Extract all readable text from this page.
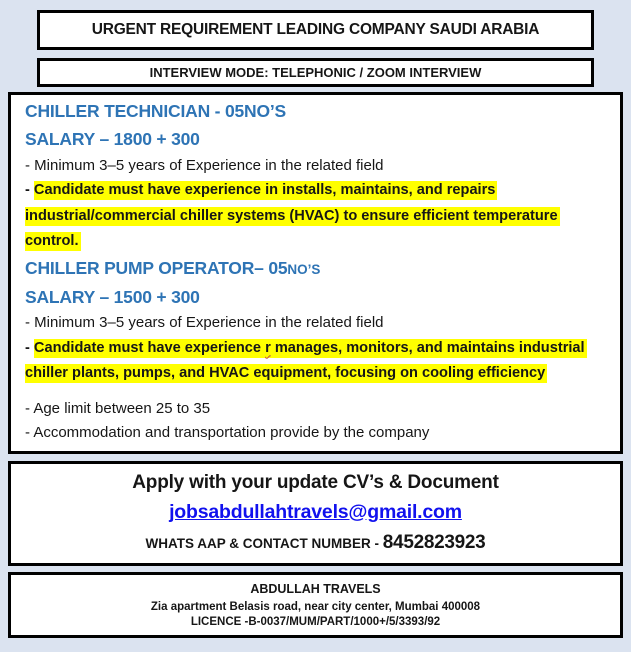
URGENT REQUIREMENT LEADING COMPANY SAUDI ARABIA
INTERVIEW MODE: TELEPHONIC / ZOOM INTERVIEW
CHILLER TECHNICIAN - 05NO’S
SALARY – 1800 + 300
- Minimum 3–5 years of Experience in the related field
- Candidate must have experience in installs, maintains, and repairs industrial/commercial chiller systems (HVAC) to ensure efficient temperature control.
CHILLER PUMP OPERATOR– 05NO’S
SALARY – 1500 + 300
- Minimum 3–5 years of Experience in the related field
- Candidate must have experience r manages, monitors, and maintains industrial chiller plants, pumps, and HVAC equipment, focusing on cooling efficiency
- Age limit between 25 to 35
- Accommodation and transportation provide by the company
Apply with your update CV’s & Document
jobsabdullahtravels@gmail.com
WHATS AAP & CONTACT NUMBER - 8452823923
ABDULLAH TRAVELS
Zia apartment Belasis road, near city center, Mumbai 400008
LICENCE -B-0037/MUM/PART/1000+/5/3393/92
